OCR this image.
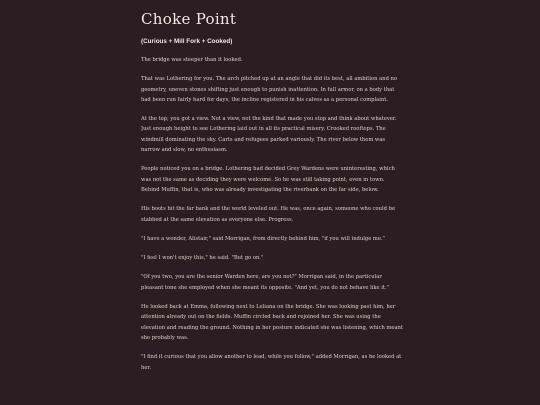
Choke Point
(Curious + Mill Fork + Cooked)

The bridge was steeper than it looked.

That was Lothering for you. The arch pitched up at an angle that did its best, all ambition and no geometry, uneven stones shifting just enough to punish inattention. In full armor, on a body that had been run fairly hard for days, the incline registered in his calves as a personal complaint.

At the top, you got a view. Not a view, not the kind that made you stop and think about whatever. Just enough height to see Lothering laid out in all its practical misery. Crooked rooftops. The windmill dominating the sky. Carts and refugees parked variously. The river below them was narrow and slow, no enthusiasm.

People noticed you on a bridge. Lothering had decided Grey Wardens were uninteresting, which was not the same as deciding they were welcome. So he was still taking point, even in town. Behind Muffin, that is, who was already investigating the riverbank on the far side, below.

His boots hit the far bank and the world leveled out. He was, once again, someone who could be stabbed at the same elevation as everyone else. Progress.

"I have a wonder, Alistair," said Morrigan, from directly behind him, "if you will indulge me."

"I feel I won't enjoy this," he said. "But go on."

"Of you two, you are the senior Warden here, are you not?" Morrigan said, in the particular pleasant tone she employed when she meant its opposite. "And yet, you do not behave like it."

He looked back at Emma, following next to Leliana on the bridge. She was looking past him, her attention already out on the fields. Muffin circled back and rejoined her. She was using the elevation and reading the ground. Nothing in her posture indicated she was listening, which meant she probably was.

"I find it curious that you allow another to lead, while you follow," added Morrigan, as he looked at her.
